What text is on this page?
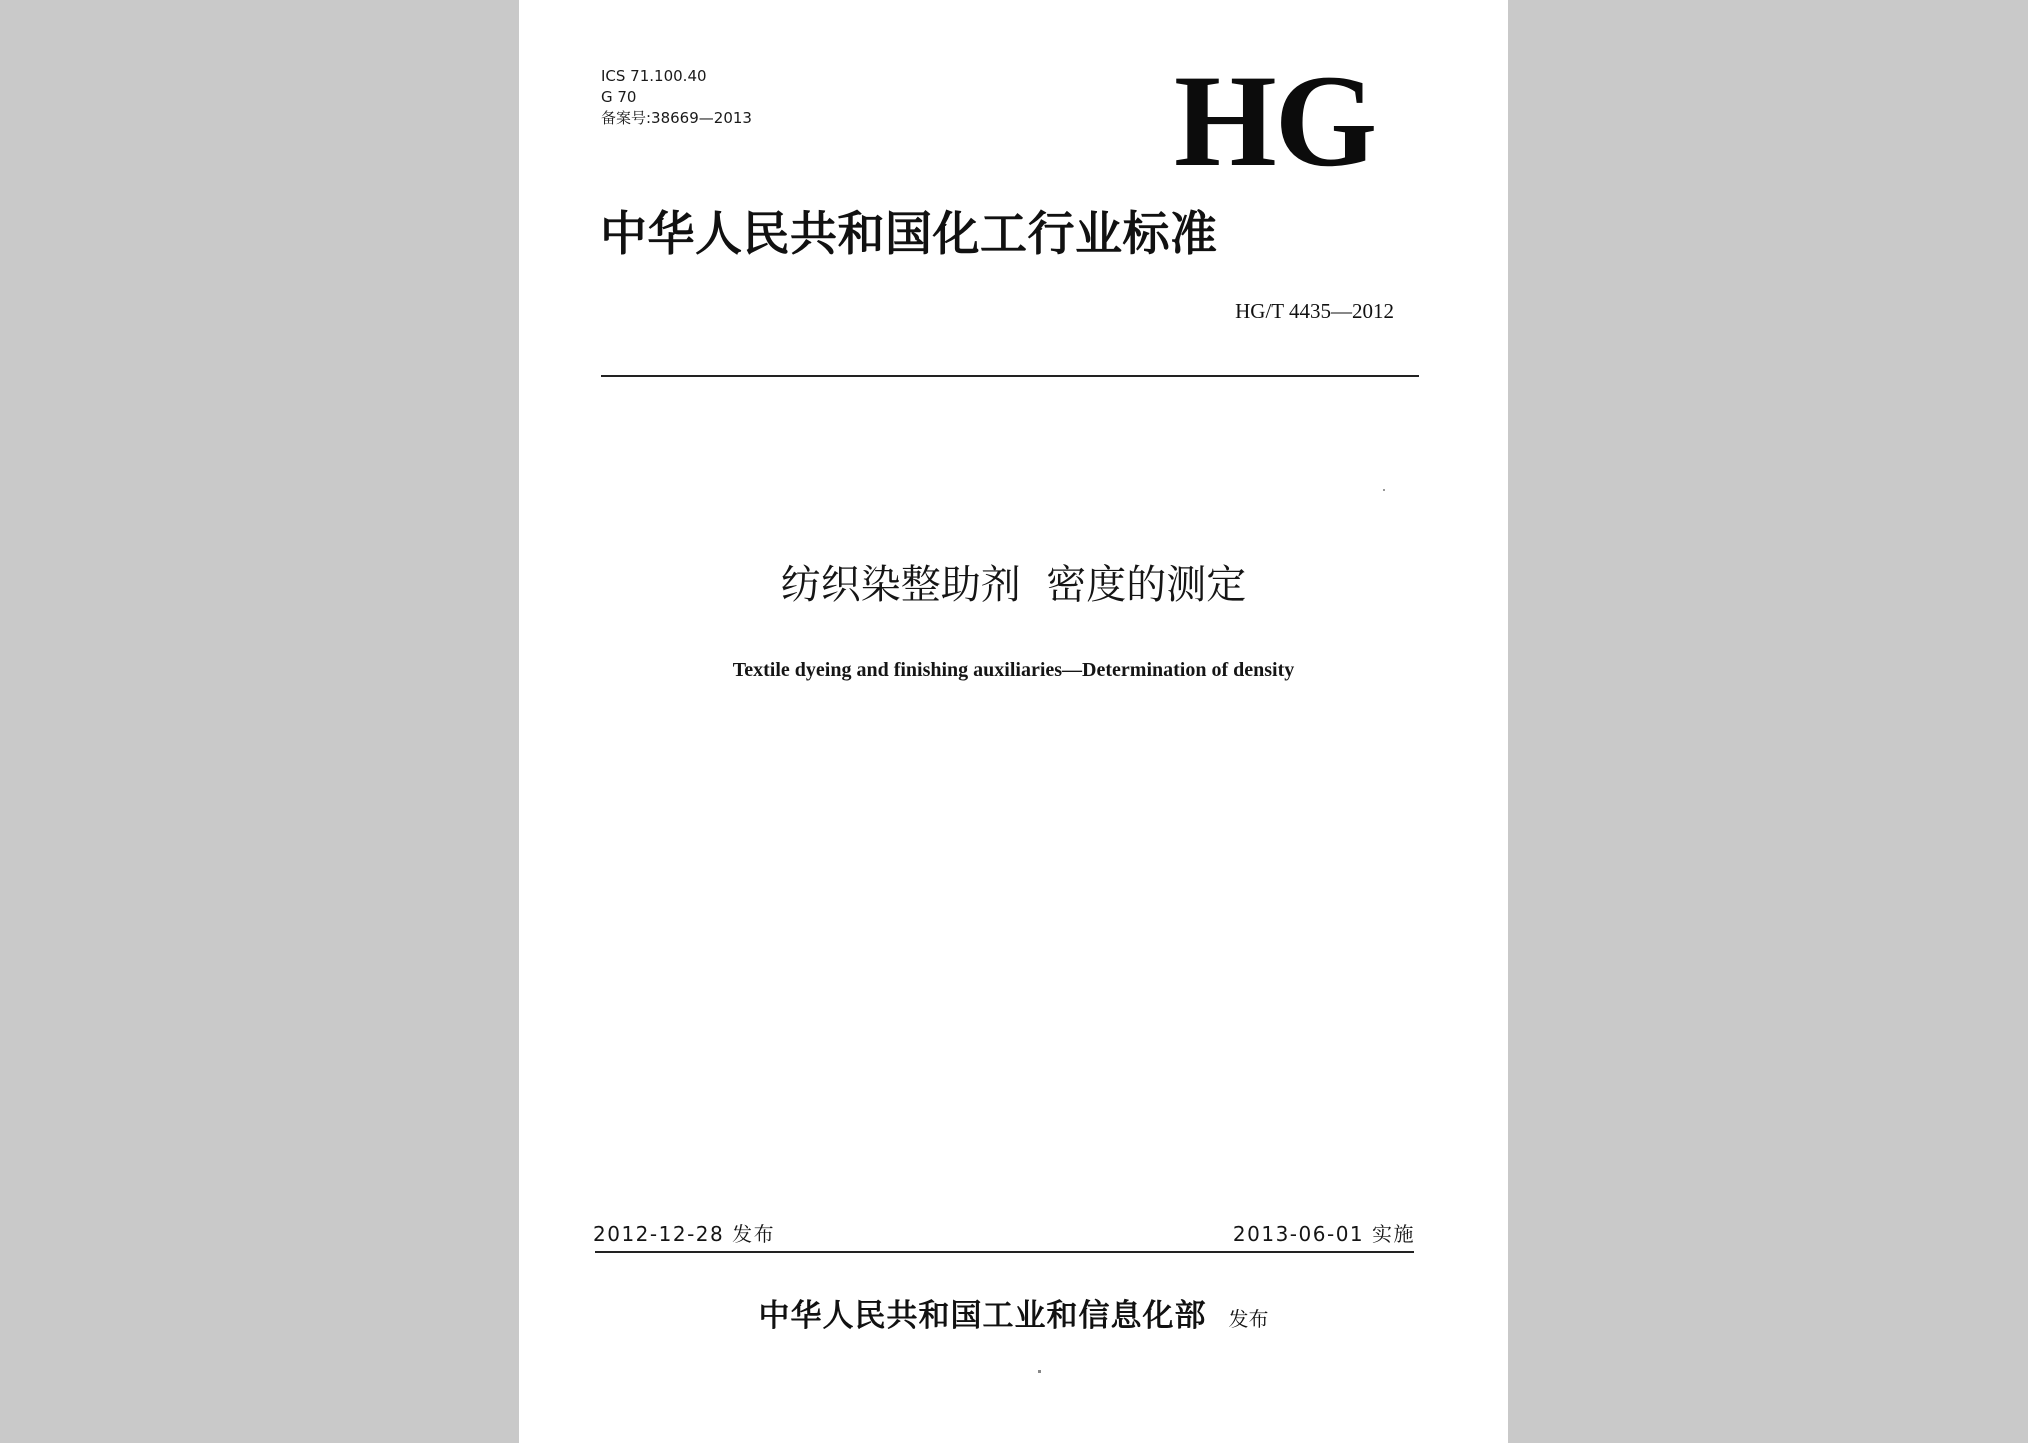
ICS 71.100.40
G 70
备案号:38669—2013	HG
中华人民共和国化工行业标准
HG/T 4435—2012
纺织染整助剂  密度的测定
Textile dyeing and finishing auxiliaries—Determination of density
2012-12-28 发布	2013-06-01 实施
中华人民共和国工业和信息化部 发布
